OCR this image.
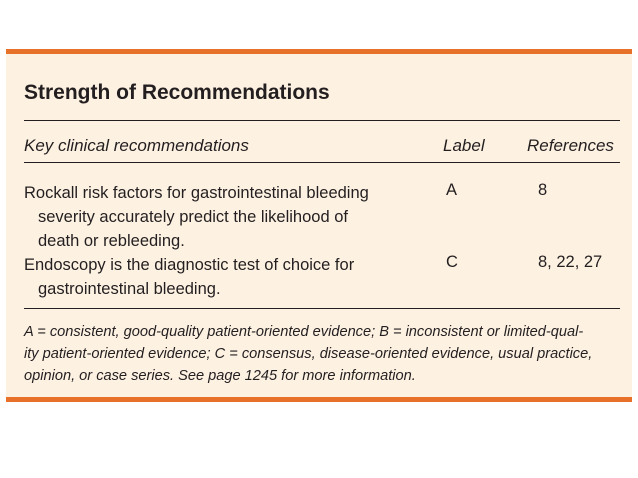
Strength of Recommendations
Key clinical recommendations	Label References
Rockall risk factors for gastrointestinal bleeding
severity accurately predict the likelihood of
death or rebleeding.
A	8
Endoscopy is the diagnostic test of choice for
gastrointestinal bleeding.
C	8, 22, 27
A = consistent, good-quality patient-oriented evidence; B = inconsistent or limited-qual-
ity patient-oriented evidence; C = consensus, disease-oriented evidence, usual practice,
opinion, or case series. See page 1245 for more information.
